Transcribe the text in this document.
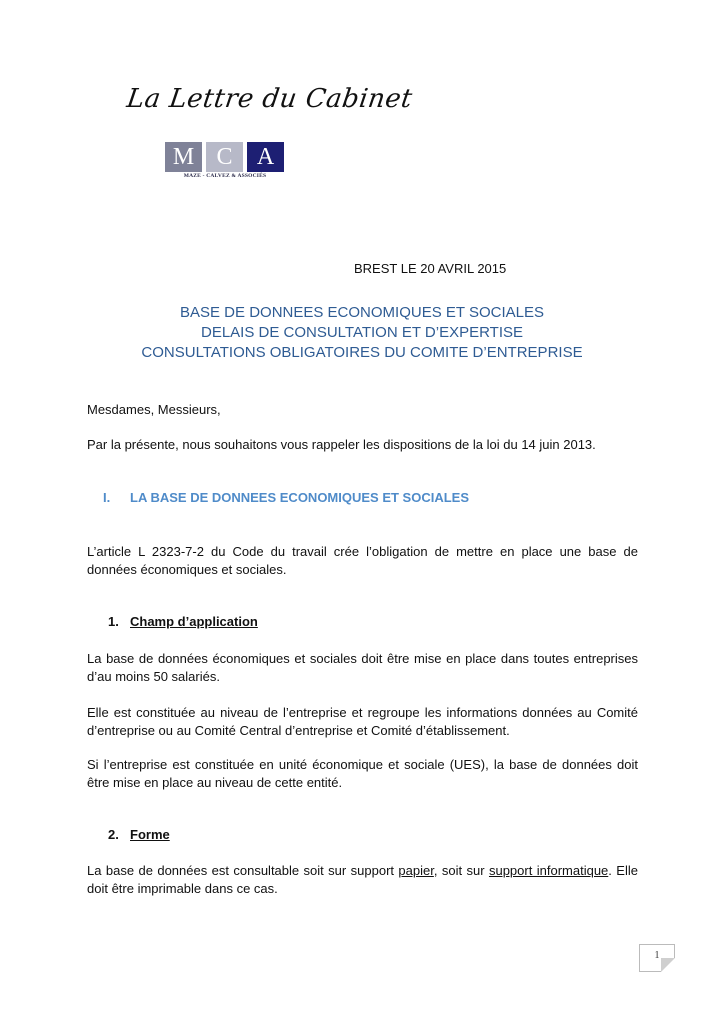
La Lettre du Cabinet
M C	A
MAZE - CALVEZ & ASSOCIÉS
BREST LE 20 AVRIL 2015
BASE DE DONNEES ECONOMIQUES ET SOCIALES
DELAIS DE CONSULTATION ET D’EXPERTISE
CONSULTATIONS OBLIGATOIRES DU COMITE D’ENTREPRISE
Mesdames, Messieurs,
Par la présente, nous souhaitons vous rappeler les dispositions de la loi du 14 juin 2013.
I. LA BASE DE DONNEES ECONOMIQUES ET SOCIALES
L’article L 2323-7-2 du Code du travail crée l’obligation de mettre en place une base de données économiques et sociales.
1. Champ d’application
La base de données économiques et sociales doit être mise en place dans toutes entreprises d’au moins 50 salariés.
Elle est constituée au niveau de l’entreprise et regroupe les informations données au Comité d’entreprise ou au Comité Central d’entreprise et Comité d’établissement.
Si l’entreprise est constituée en unité économique et sociale (UES), la base de données doit être mise en place au niveau de cette entité.
2. Forme
La base de données est consultable soit sur support papier, soit sur support informatique. Elle doit être imprimable dans ce cas.
1
